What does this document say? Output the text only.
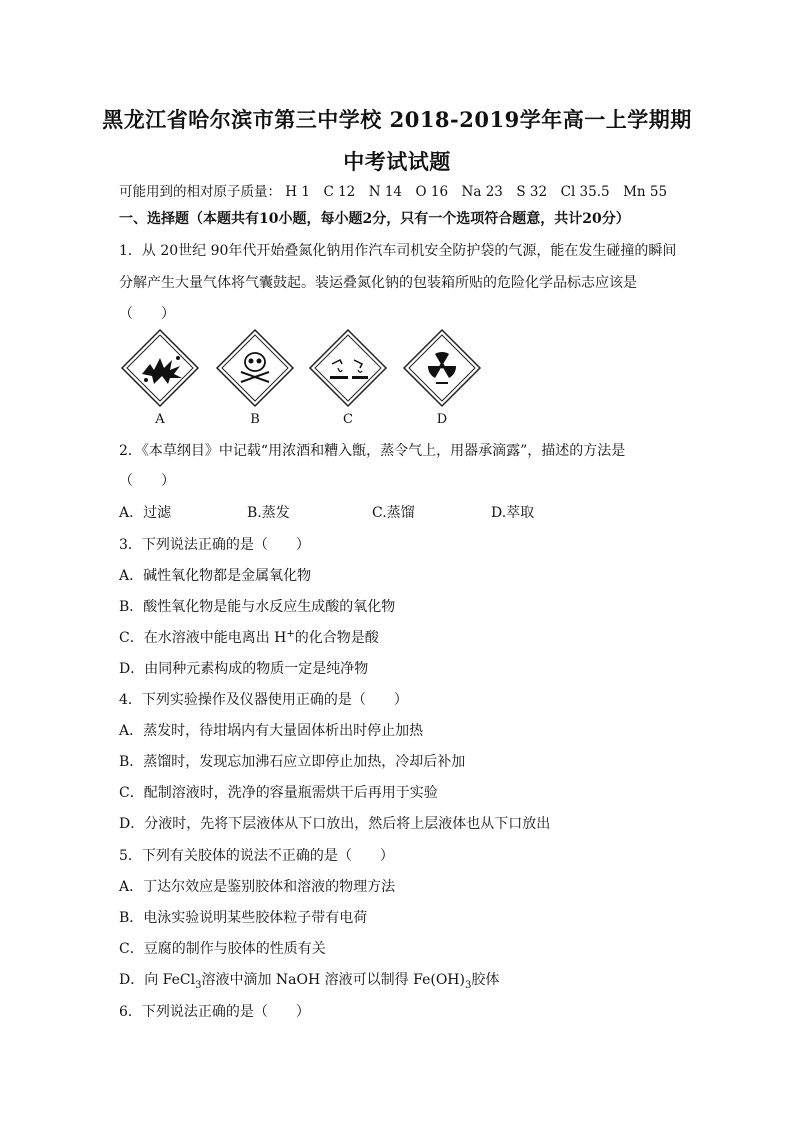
黑龙江省哈尔滨市第三中学校 2018-2019学年高一上学期期
中考试试题
可能用到的相对原子质量： H 1　C 12　N 14　O 16　Na 23　S 32　Cl 35.5　Mn 55
一、选择题（本题共有10小题，每小题2分，只有一个选项符合题意，共计20分）
1．从 20世纪 90年代开始叠氮化钠用作汽车司机安全防护袋的气源，能在发生碰撞的瞬间
分解产生大量气体将气囊鼓起。装运叠氮化钠的包装箱所贴的危险化学品标志应该是
（　　）
A	B	C	D
2．《本草纲目》中记载“用浓酒和糟入甑，蒸令气上，用器承滴露”，描述的方法是
（　　）
A．过滤	B.蒸发	C.蒸馏	D.萃取
3．下列说法正确的是（　　）
A．碱性氧化物都是金属氧化物
B．酸性氧化物是能与水反应生成酸的氧化物
C．在水溶液中能电离出 H+的化合物是酸
D．由同种元素构成的物质一定是纯净物
4．下列实验操作及仪器使用正确的是（　　）
A．蒸发时，待坩埚内有大量固体析出时停止加热
B．蒸馏时，发现忘加沸石应立即停止加热，冷却后补加
C．配制溶液时，洗净的容量瓶需烘干后再用于实验
D．分液时，先将下层液体从下口放出，然后将上层液体也从下口放出
5．下列有关胶体的说法不正确的是（　　）
A．丁达尔效应是鉴别胶体和溶液的物理方法
B．电泳实验说明某些胶体粒子带有电荷
C．豆腐的制作与胶体的性质有关
D．向 FeCl$_3$溶液中滴加 NaOH 溶液可以制得 $Fe(OH)_3$胶体
6．下列说法正确的是（　　）
